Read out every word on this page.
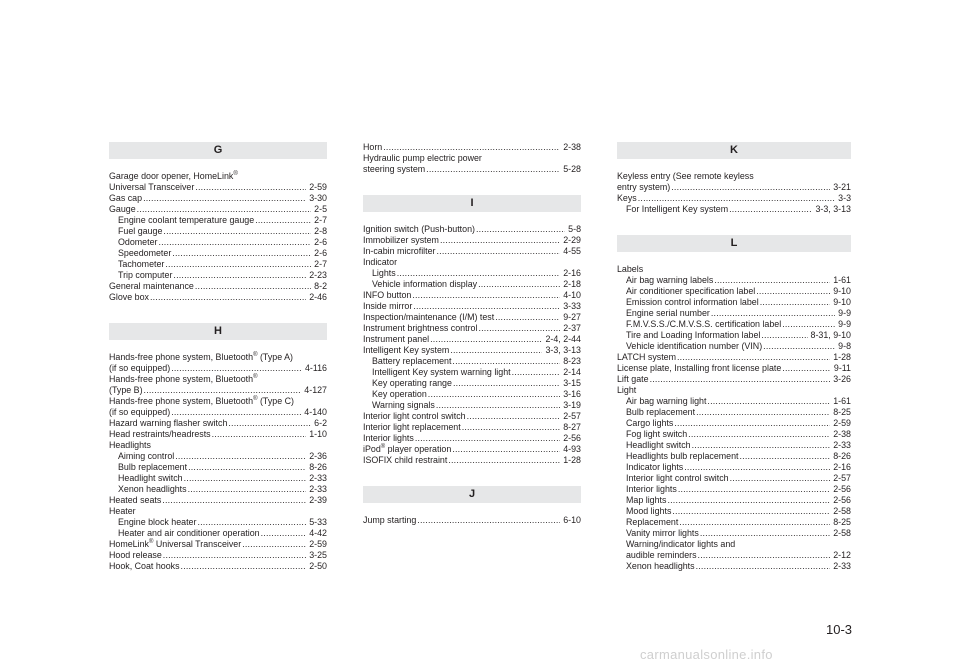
G
Garage door opener, HomeLink®
Universal Transceiver .....	2-59
Gas cap .....	3-30
Gauge .....	2-5
Engine coolant temperature gauge .....	2-7
Fuel gauge .....	2-8
Odometer .....	2-6
Speedometer .....	2-6
Tachometer .....	2-7
Trip computer .....	2-23
General maintenance .....	8-2
Glove box .....	2-46
H
Hands-free phone system, Bluetooth® (Type A)
(if so equipped) .....	4-116
Hands-free phone system, Bluetooth®
(Type B) .....	4-127
Hands-free phone system, Bluetooth® (Type C)
(if so equipped) .....	4-140
Hazard warning flasher switch .....	6-2
Head restraints/headrests .....	1-10
Headlights
Aiming control .....	2-36
Bulb replacement .....	8-26
Headlight switch .....	2-33
Xenon headlights .....	2-33
Heated seats .....	2-39
Heater
Engine block heater .....	5-33
Heater and air conditioner operation .....	4-42
HomeLink® Universal Transceiver .....	2-59
Hood release .....	3-25
Hook, Coat hooks .....	2-50
Horn .....	2-38
Hydraulic pump electric power
steering system .....	5-28
I
Ignition switch (Push-button) .....	5-8
Immobilizer system .....	2-29
In-cabin microfilter .....	4-55
Indicator
Lights .....	2-16
Vehicle information display .....	2-18
INFO button .....	4-10
Inside mirror .....	3-33
Inspection/maintenance (I/M) test .....	9-27
Instrument brightness control .....	2-37
Instrument panel .....	2-4, 2-44
Intelligent Key system .....	3-3, 3-13
Battery replacement .....	8-23
Intelligent Key system warning light .....	2-14
Key operating range .....	3-15
Key operation .....	3-16
Warning signals .....	3-19
Interior light control switch .....	2-57
Interior light replacement .....	8-27
Interior lights .....	2-56
iPod® player operation .....	4-93
ISOFIX child restraint .....	1-28
J
Jump starting .....	6-10
K
Keyless entry (See remote keyless
entry system) .....	3-21
Keys .....	3-3
For Intelligent Key system .....	3-3, 3-13
L
Labels
Air bag warning labels .....	1-61
Air conditioner specification label .....	9-10
Emission control information label .....	9-10
Engine serial number .....	9-9
F.M.V.S.S./C.M.V.S.S. certification label .....	9-9
Tire and Loading Information label .....	8-31, 9-10
Vehicle identification number (VIN) .....	9-8
LATCH system .....	1-28
License plate, Installing front license plate .....	9-11
Lift gate .....	3-26
Light
Air bag warning light .....	1-61
Bulb replacement .....	8-25
Cargo lights .....	2-59
Fog light switch .....	2-38
Headlight switch .....	2-33
Headlights bulb replacement .....	8-26
Indicator lights .....	2-16
Interior light control switch .....	2-57
Interior lights .....	2-56
Map lights .....	2-56
Mood lights .....	2-58
Replacement .....	8-25
Vanity mirror lights .....	2-58
Warning/indicator lights and
audible reminders .....	2-12
Xenon headlights .....	2-33
10-3
carmanualsonline.info
